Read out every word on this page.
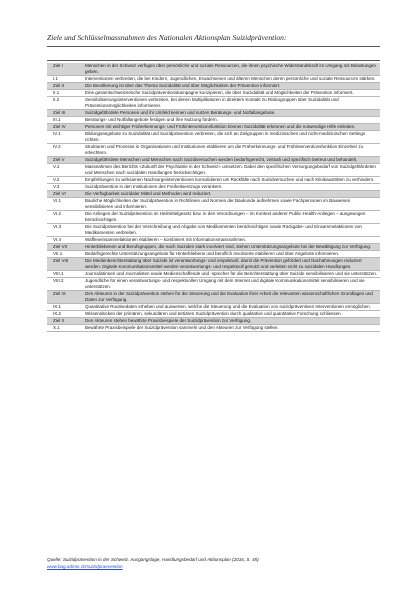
Ziele und Schlüsselmassnahmen des Nationalen Aktionsplan Suizidprävention:
Ziel I	Menschen in der Schweiz verfügen über persönliche und soziale Ressourcen, die ihnen psychische Widerstandskraft im Umgang mit Belastungen geben.
I.1	Interventionen verbreiten, die bei Kindern, Jugendlichen, Erwachsenen und älteren Menschen deren persönliche und soziale Ressourcen stärken.
Ziel II	Die Bevölkerung ist über das Thema Suizidalität und über Möglichkeiten der Prävention informiert.
II.1	Eine gesamtschweizerische Suizidpräventionskampagne konzipieren, die über Suizidalität und Möglichkeiten der Prävention informiert.
II.2	Sensibilisierungsinterventionen verbreiten, bei denen Multiplikatoren in direktem Kontakt zu Risikogruppen über Suizidalität und Präventionsmöglichkeiten informieren.
Ziel III	Suizidgefährdete Personen und ihr Umfeld kennen und nutzen Beratungs- und Notfallangebote.
III.1	Beratungs- und Notfallangebote festigen und ihre Nutzung fördern.
Ziel IV	Personen mit wichtiger Früherkennungs- und Frühinterventionsfunktion können Suizidalität erkennen und die notwendige Hilfe einleiten.
IV.1	Bildungsangebote zu Suizidalität und Suizidprävention verbreiten, die sich an Zielgruppen in medizinischen und nicht-medizinischen Settings richten.
IV.2	Strukturen und Prozesse in Organisationen und Institutionen etablieren um die Früherkennungs- und Frühinterventionsfunktion Einzelner zu erleichtern.
Ziel V	Suizidgefährdete Menschen und Menschen nach Suizidversuchen werden bedarfsgerecht, zeitnah und spezifisch betreut und behandelt.
V.1	Massnahmen des Berichts «Zukunft der Psychiatrie in der Schweiz» umsetzen. Dabei den spezifischen Versorgungsbedarf von Suizidgefährdeten und Menschen nach suizidalen Handlungen berücksichtigen.
V.2	Empfehlungen zu wirksamen Nachsorgeinterventionen konsolidieren um Rückfälle nach Suizidversuchen und nach Klinikaustritten zu verhindern.
V.3	Suizidprävention in den Institutionen des Freiheitsentzugs verankern.
Ziel VI	Die Verfügbarkeit suizidaler Mittel und Methoden wird reduziert.
VI.1	Bauliche Möglichkeiten der Suizidprävention in Richtlinien und Normen der Baukunde aufnehmen sowie Fachpersonen im Bauwesen sensibilisieren und informieren.
VI.2	Die Anliegen der Suizidprävention im Heilmittelgesetz bzw. in den Verordnungen – im Kontext anderer Public-Health-Anliegen – ausgewogen berücksichtigen.
VI.3	Die Suizidprävention bei der Verschreibung und Abgabe von Medikamenten berücksichtigen sowie Rückgabe- und Einsammelaktionen von Medikamenten verbreiten.
VI.4	Waffeneinsammelaktionen etablieren – kombiniert mit Informationsmassnahmen.
Ziel VII	Hinterbliebenen und Berufsgruppen, die nach Suiziden stark involviert sind, stehen Unterstützungsangebote bei der Bewältigung zur Verfügung.
VII.1	Bedarfsgerechte Unterstützungsangebote für Hinterbliebene und beruflich Involvierte etablieren und über Angebote informieren.
Ziel VIII	Die Medienberichterstattung über Suizide ist verantwortungs- und respektvoll, damit die Prävention gefördert und Nachahmungen reduziert werden. Digitale Kommunikationsmittel werden verantwortungs- und respektvoll genutzt und verleiten nicht zu suizidalen Handlungen.
VIII.1	Journalistinnen und Journalisten sowie Medienschaffende und -sprecher für die Berichterstattung über Suizide sensibilisieren und sie unterstützen.
VIII.2	Jugendliche für einen verantwortungs- und respektvollen Umgang mit dem Internet und digitale Kommunikationsmittel sensibilisieren und sie unterstützen.
Ziel IX	Den Akteuren in der Suizidprävention stehen für die Steuerung und die Evaluation ihrer Arbeit die relevanten wissenschaftlichen Grundlagen und Daten zur Verfügung.
IX.1	Quantitative Routinedaten erheben und auswerten, welche die Steuerung und die Evaluation von suizidpräventiven Interventionen ermöglichen.
IX.2	Wissenslücken der primären, sekundären und tertiären Suizidprävention durch qualitative und quantitative Forschung schliessen.
Ziel X	Den Akteuren stehen bewährte Praxisbeispiele der Suizidprävention zur Verfügung.
X.1	Bewährte Praxisbeispiele der Suizidprävention sammeln und den Akteuren zur Verfügung stellen.
Quelle: Suizidprävention in der Schweiz. Ausgangslage, Handlungsbedarf und Aktionsplan (2016, S. 45)
www.bag.admin.ch/suizidpraevention
